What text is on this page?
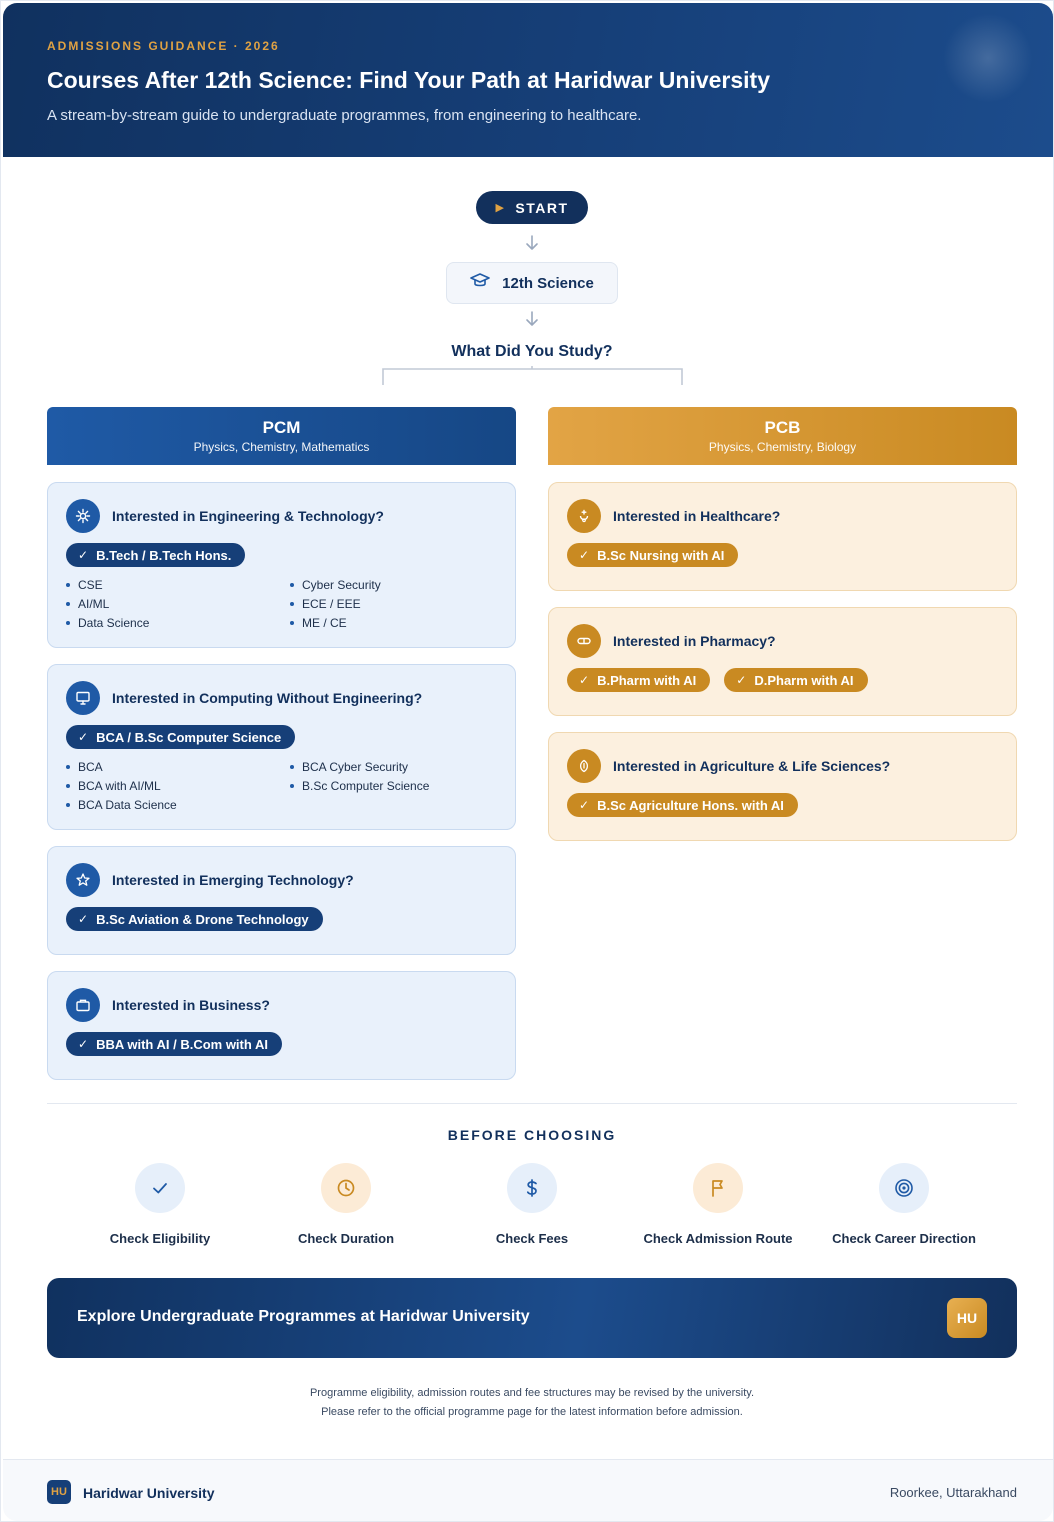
ADMISSIONS GUIDANCE · 2026
Courses After 12th Science: Find Your Path at Haridwar University
A stream-by-stream guide to undergraduate programmes, from engineering to healthcare.
▶ START
12th Science
What Did You Study?
PCM
Physics, Chemistry, Mathematics
PCB
Physics, Chemistry, Biology
Interested in Engineering & Technology?
✓ B.Tech / B.Tech Hons.
CSE	Cyber Security
AI/ML	ECE / EEE
Data Science	ME / CE
Interested in Computing Without Engineering?
✓ BCA / B.Sc Computer Science
BCA	BCA Cyber Security
BCA with AI/ML	B.Sc Computer Science
BCA Data Science
Interested in Emerging Technology?
✓ B.Sc Aviation & Drone Technology
Interested in Business?
✓ BBA with AI / B.Com with AI
Interested in Healthcare?
✓ B.Sc Nursing with AI
Interested in Pharmacy?
✓ B.Pharm with AI	✓ D.Pharm with AI
Interested in Agriculture & Life Sciences?
✓ B.Sc Agriculture Hons. with AI
BEFORE CHOOSING
Check Eligibility	Check Duration	Check Fees	Check Admission Route	Check Career Direction
Explore Undergraduate Programmes at Haridwar University	HU
Programme eligibility, admission routes and fee structures may be revised by the university.
Please refer to the official programme page for the latest information before admission.
HU Haridwar University	Roorkee, Uttarakhand
